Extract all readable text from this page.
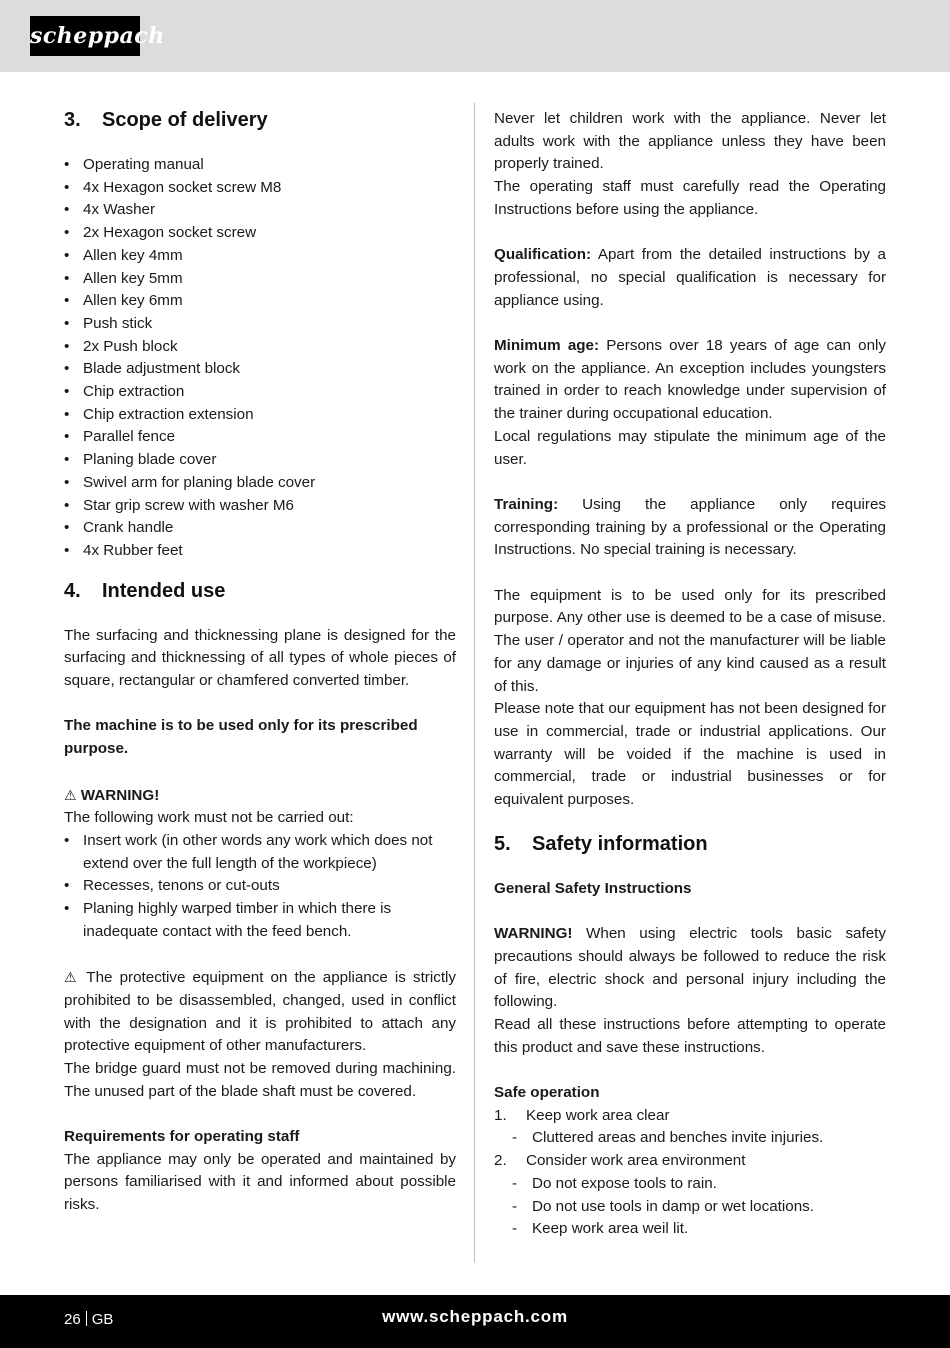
scheppach
3. Scope of delivery
• Operating manual
• 4x Hexagon socket screw M8
• 4x Washer
• 2x Hexagon socket screw
• Allen key 4mm
• Allen key 5mm
• Allen key 6mm
• Push stick
• 2x Push block
• Blade adjustment block
• Chip extraction
• Chip extraction extension
• Parallel fence
• Planing blade cover
• Swivel arm for planing blade cover
• Star grip screw with washer M6
• Crank handle
• 4x Rubber feet
4. Intended use

The surfacing and thicknessing plane is designed for the surfacing and thicknessing of all types of whole pieces of square, rectangular or chamfered converted timber.

The machine is to be used only for its prescribed purpose.

⚠ WARNING!

The following work must not be carried out:

• Insert work (in other words any work which does not extend over the full length of the workpiece)
• Recesses, tenons or cut-outs
• Planing highly warped timber in which there is inadequate contact with the feed bench.

⚠ The protective equipment on the appliance is strictly prohibited to be disassembled, changed, used in conflict with the designation and it is prohibited to attach any protective equipment of other manufacturers.

The bridge guard must not be removed during machining. The unused part of the blade shaft must be covered.

Requirements for operating staff

The appliance may only be operated and maintained by persons familiarised with it and informed about possible risks.

Never let children work with the appliance. Never let adults work with the appliance unless they have been properly trained.

The operating staff must carefully read the Operating Instructions before using the appliance.

Qualification: Apart from the detailed instructions by a professional, no special qualification is necessary for appliance using.

Minimum age: Persons over 18 years of age can only work on the appliance. An exception includes youngsters trained in order to reach knowledge under supervision of the trainer during occupational education.

Local regulations may stipulate the minimum age of the user.

Training: Using the appliance only requires corresponding training by a professional or the Operating Instructions. No special training is necessary.

The equipment is to be used only for its prescribed purpose. Any other use is deemed to be a case of misuse. The user / operator and not the manufacturer will be liable for any damage or injuries of any kind caused as a result of this.

Please note that our equipment has not been designed for use in commercial, trade or industrial applications. Our warranty will be voided if the machine is used in commercial, trade or industrial businesses or for equivalent purposes.

5. Safety information

General Safety Instructions

WARNING! When using electric tools basic safety precautions should always be followed to reduce the risk of fire, electric shock and personal injury including the following.

Read all these instructions before attempting to operate this product and save these instructions.

Safe operation

1. Keep work area clear
- Cluttered areas and benches invite injuries.
2. Consider work area environment
- Do not expose tools to rain.
- Do not use tools in damp or wet locations.
- Keep work area weil lit.
26 GB	www.scheppach.com
